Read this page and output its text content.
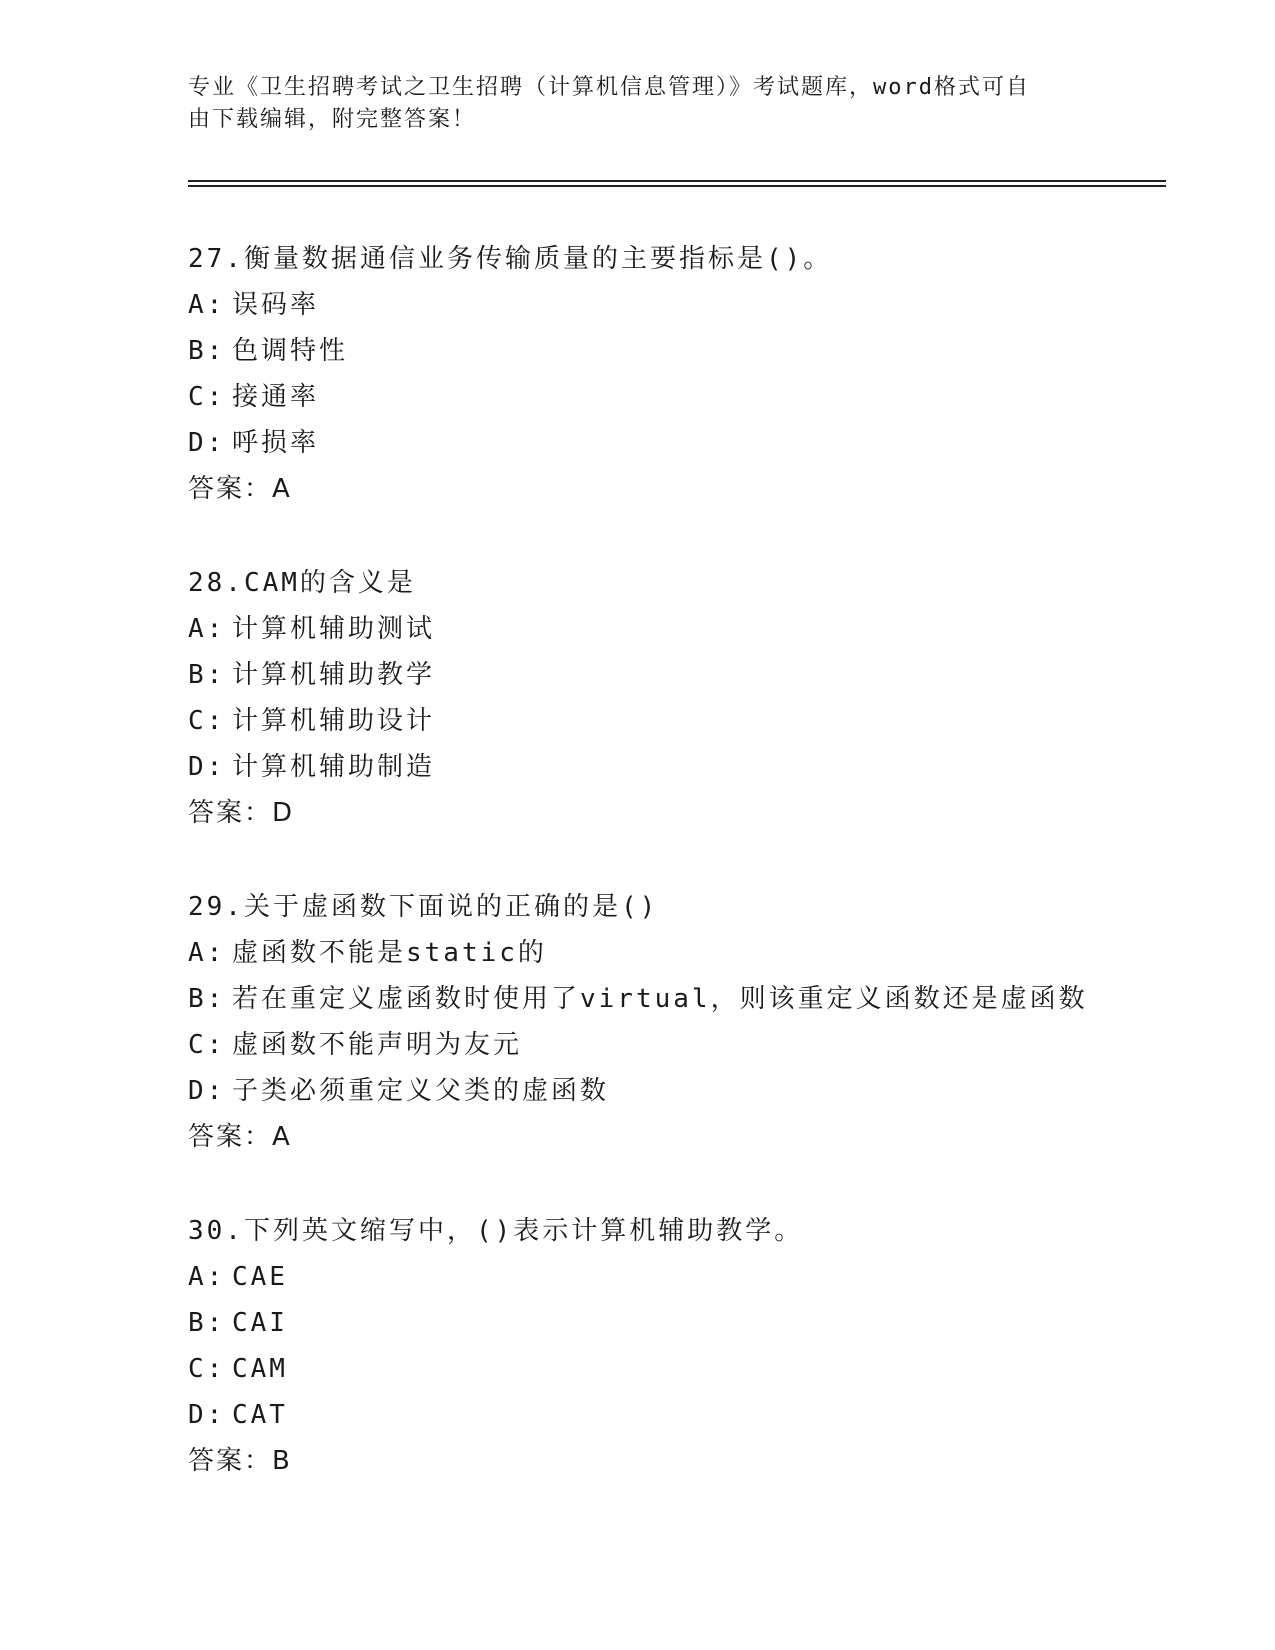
专业《卫生招聘考试之卫生招聘（计算机信息管理）》考试题库，word格式可自
由下载编辑，附完整答案！
27.衡量数据通信业务传输质量的主要指标是()。
A: 误码率
B: 色调特性
C: 接通率
D: 呼损率
答案：A
28.CAM的含义是
A: 计算机辅助测试
B: 计算机辅助教学
C: 计算机辅助设计
D: 计算机辅助制造
答案：D
29.关于虚函数下面说的正确的是()
A: 虚函数不能是static的
B: 若在重定义虚函数时使用了virtual，则该重定义函数还是虚函数
C: 虚函数不能声明为友元
D: 子类必须重定义父类的虚函数
答案：A
30.下列英文缩写中，()表示计算机辅助教学。
A: CAE
B: CAI
C: CAM
D: CAT
答案：B
